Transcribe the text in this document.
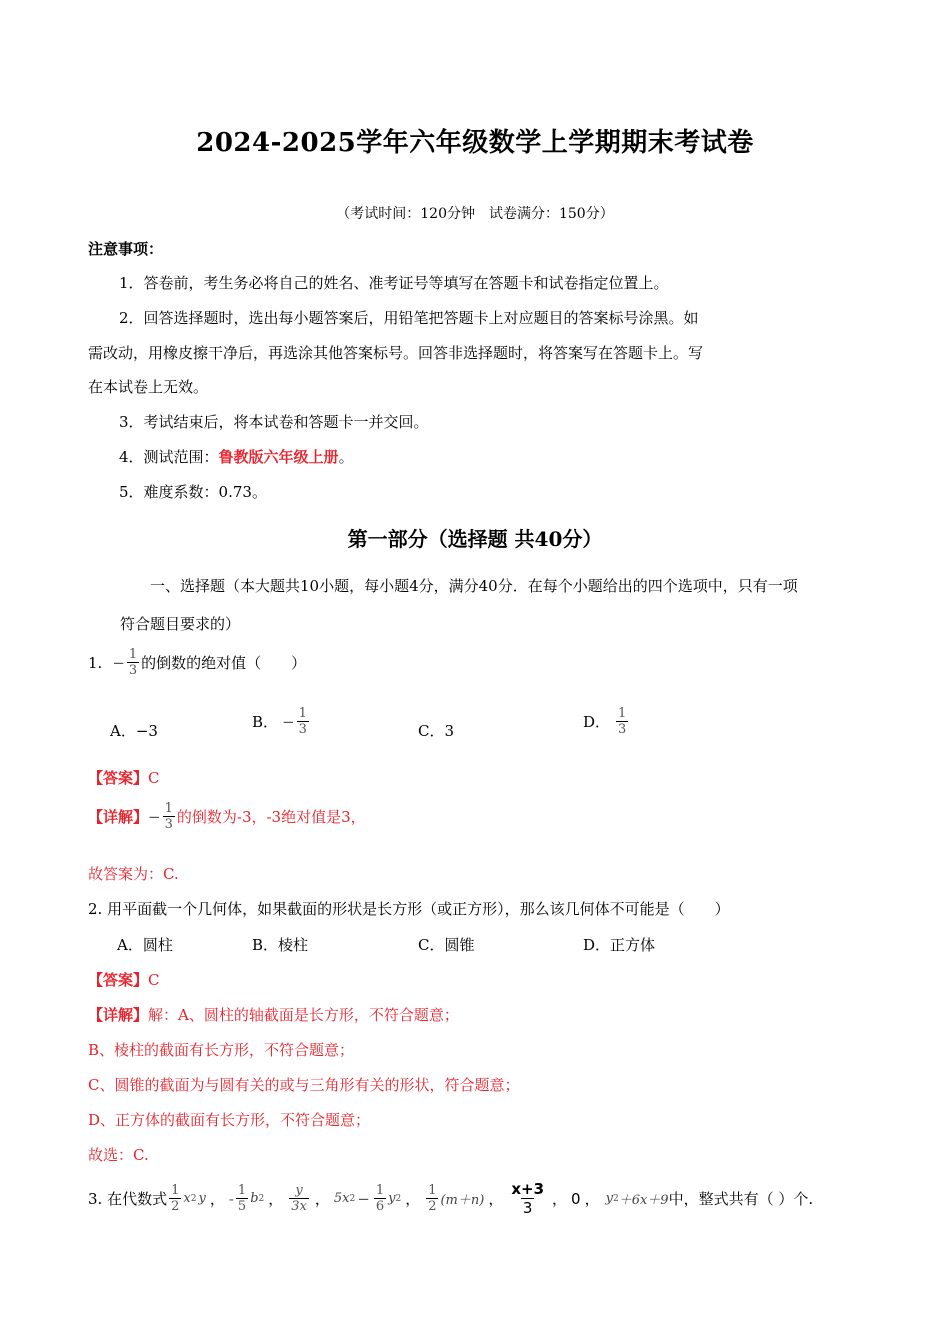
2024-2025学年六年级数学上学期期末考试卷
（考试时间：120分钟　试卷满分：150分）
注意事项：
1．答卷前，考生务必将自己的姓名、准考证号等填写在答题卡和试卷指定位置上。
2．回答选择题时，选出每小题答案后，用铅笔把答题卡上对应题目的答案标号涂黑。如
需改动，用橡皮擦干净后，再选涂其他答案标号。回答非选择题时，将答案写在答题卡上。写
在本试卷上无效。
3．考试结束后，将本试卷和答题卡一并交回。
4．测试范围：鲁教版六年级上册。
5．难度系数：0.73。
第一部分（选择题 共40分）
一、选择题（本大题共10小题，每小题4分，满分40分．在每个小题给出的四个选项中，只有一项
符合题目要求的）
1. − $\frac{1}{3}$ 的倒数的绝对值（　　）
A．−3	B． − $\frac{1}{3}$	C．3	D． $\frac{1}{3}$
【答案】C
【详解】 − $\frac{1}{3}$ 的倒数为-3，-3绝对值是3，
故答案为：C.
2. 用平面截一个几何体，如果截面的形状是长方形（或正方形），那么该几何体不可能是（　　）
A．圆柱	B．棱柱	C．圆锥	D．正方体
【答案】C
【详解】解：A、圆柱的轴截面是长方形，不符合题意；
B、棱柱的截面有长方形，不符合题意；
C、圆锥的截面为与圆有关的或与三角形有关的形状，符合题意；
D、正方体的截面有长方形，不符合题意；
故选：C.
3. 在代数式 $\frac{1}{2}$ x 2 y ， - $\frac{1}{5}$ b 2 ， $\frac{y}{3x}$ ， 5x $2 - \frac{1}{6}$ y 2 ， $\frac{1}{2} (m+n)$ ， $\frac{x+3}{3}$ ， 0 ， y 2 ＋6x＋9 中，整式共有（ ）个.
